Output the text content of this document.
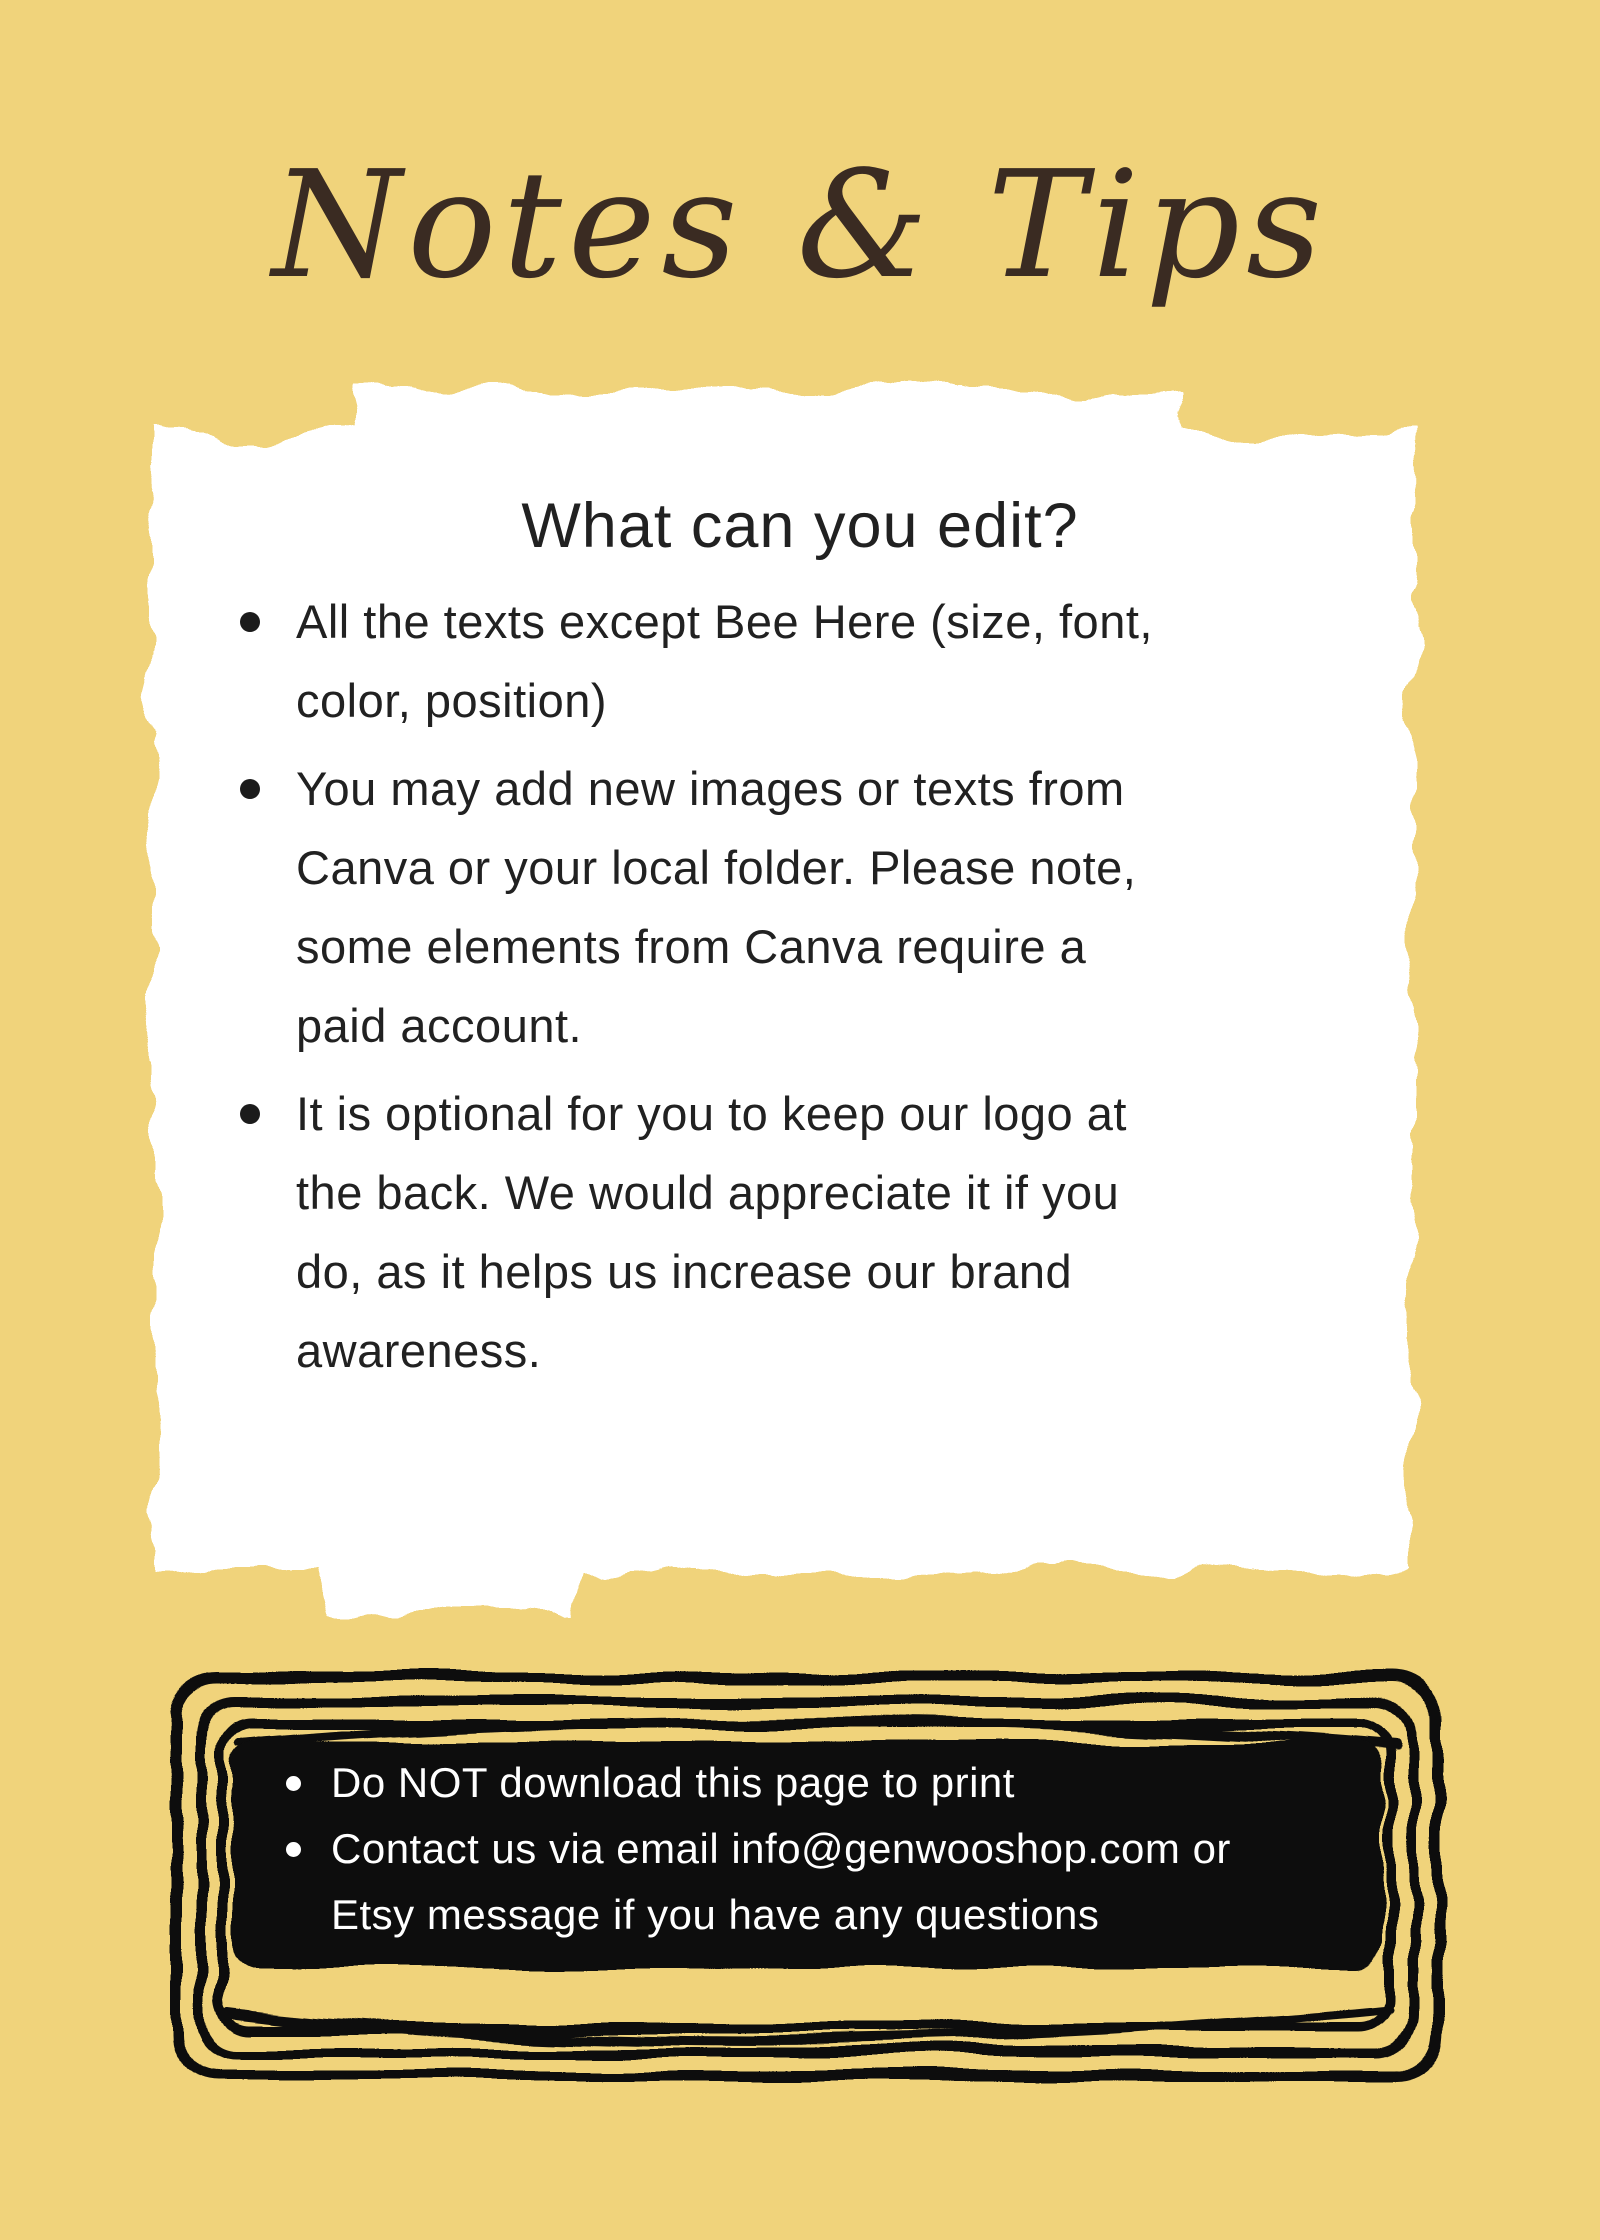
Notes & Tips
What can you edit?
All the texts except Bee Here (size, font,
color, position)
You may add new images or texts from
Canva or your local folder. Please note,
some elements from Canva require a
paid account.
It is optional for you to keep our logo at
the back. We would appreciate it if you
do, as it helps us increase our brand
awareness.
Do NOT download this page to print
Contact us via email info@genwooshop.com or
Etsy message if you have any questions
